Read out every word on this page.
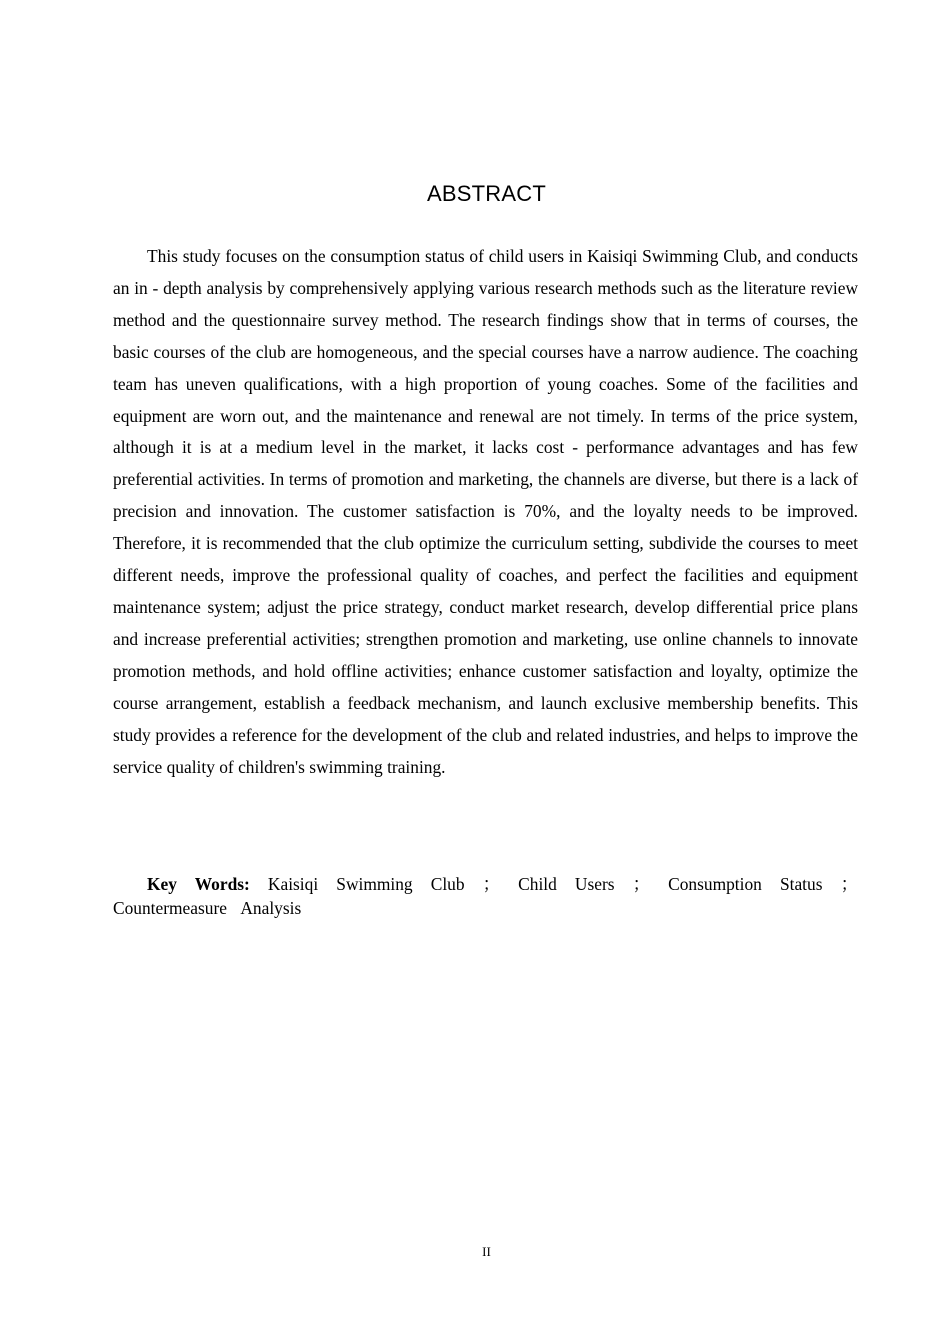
ABSTRACT

This study focuses on the consumption status of child users in Kaisiqi Swimming Club, and conducts an in - depth analysis by comprehensively applying various research methods such as the literature review method and the questionnaire survey method. The research findings show that in terms of courses, the basic courses of the club are homogeneous, and the special courses have a narrow audience. The coaching team has uneven qualifications, with a high proportion of young coaches. Some of the facilities and equipment are worn out, and the maintenance and renewal are not timely. In terms of the price system, although it is at a medium level in the market, it lacks cost - performance advantages and has few preferential activities. In terms of promotion and marketing, the channels are diverse, but there is a lack of precision and innovation. The customer satisfaction is 70%, and the loyalty needs to be improved. Therefore, it is recommended that the club optimize the curriculum setting, subdivide the courses to meet different needs, improve the professional quality of coaches, and perfect the facilities and equipment maintenance system; adjust the price strategy, conduct market research, develop differential price plans and increase preferential activities; strengthen promotion and marketing, use online channels to innovate promotion methods, and hold offline activities; enhance customer satisfaction and loyalty, optimize the course arrangement, establish a feedback mechanism, and launch exclusive membership benefits. This study provides a reference for the development of the club and related industries, and helps to improve the service quality of children's swimming training.

Key Words: Kaisiqi Swimming Club ； Child Users ； Consumption Status ； Countermeasure Analysis

II
